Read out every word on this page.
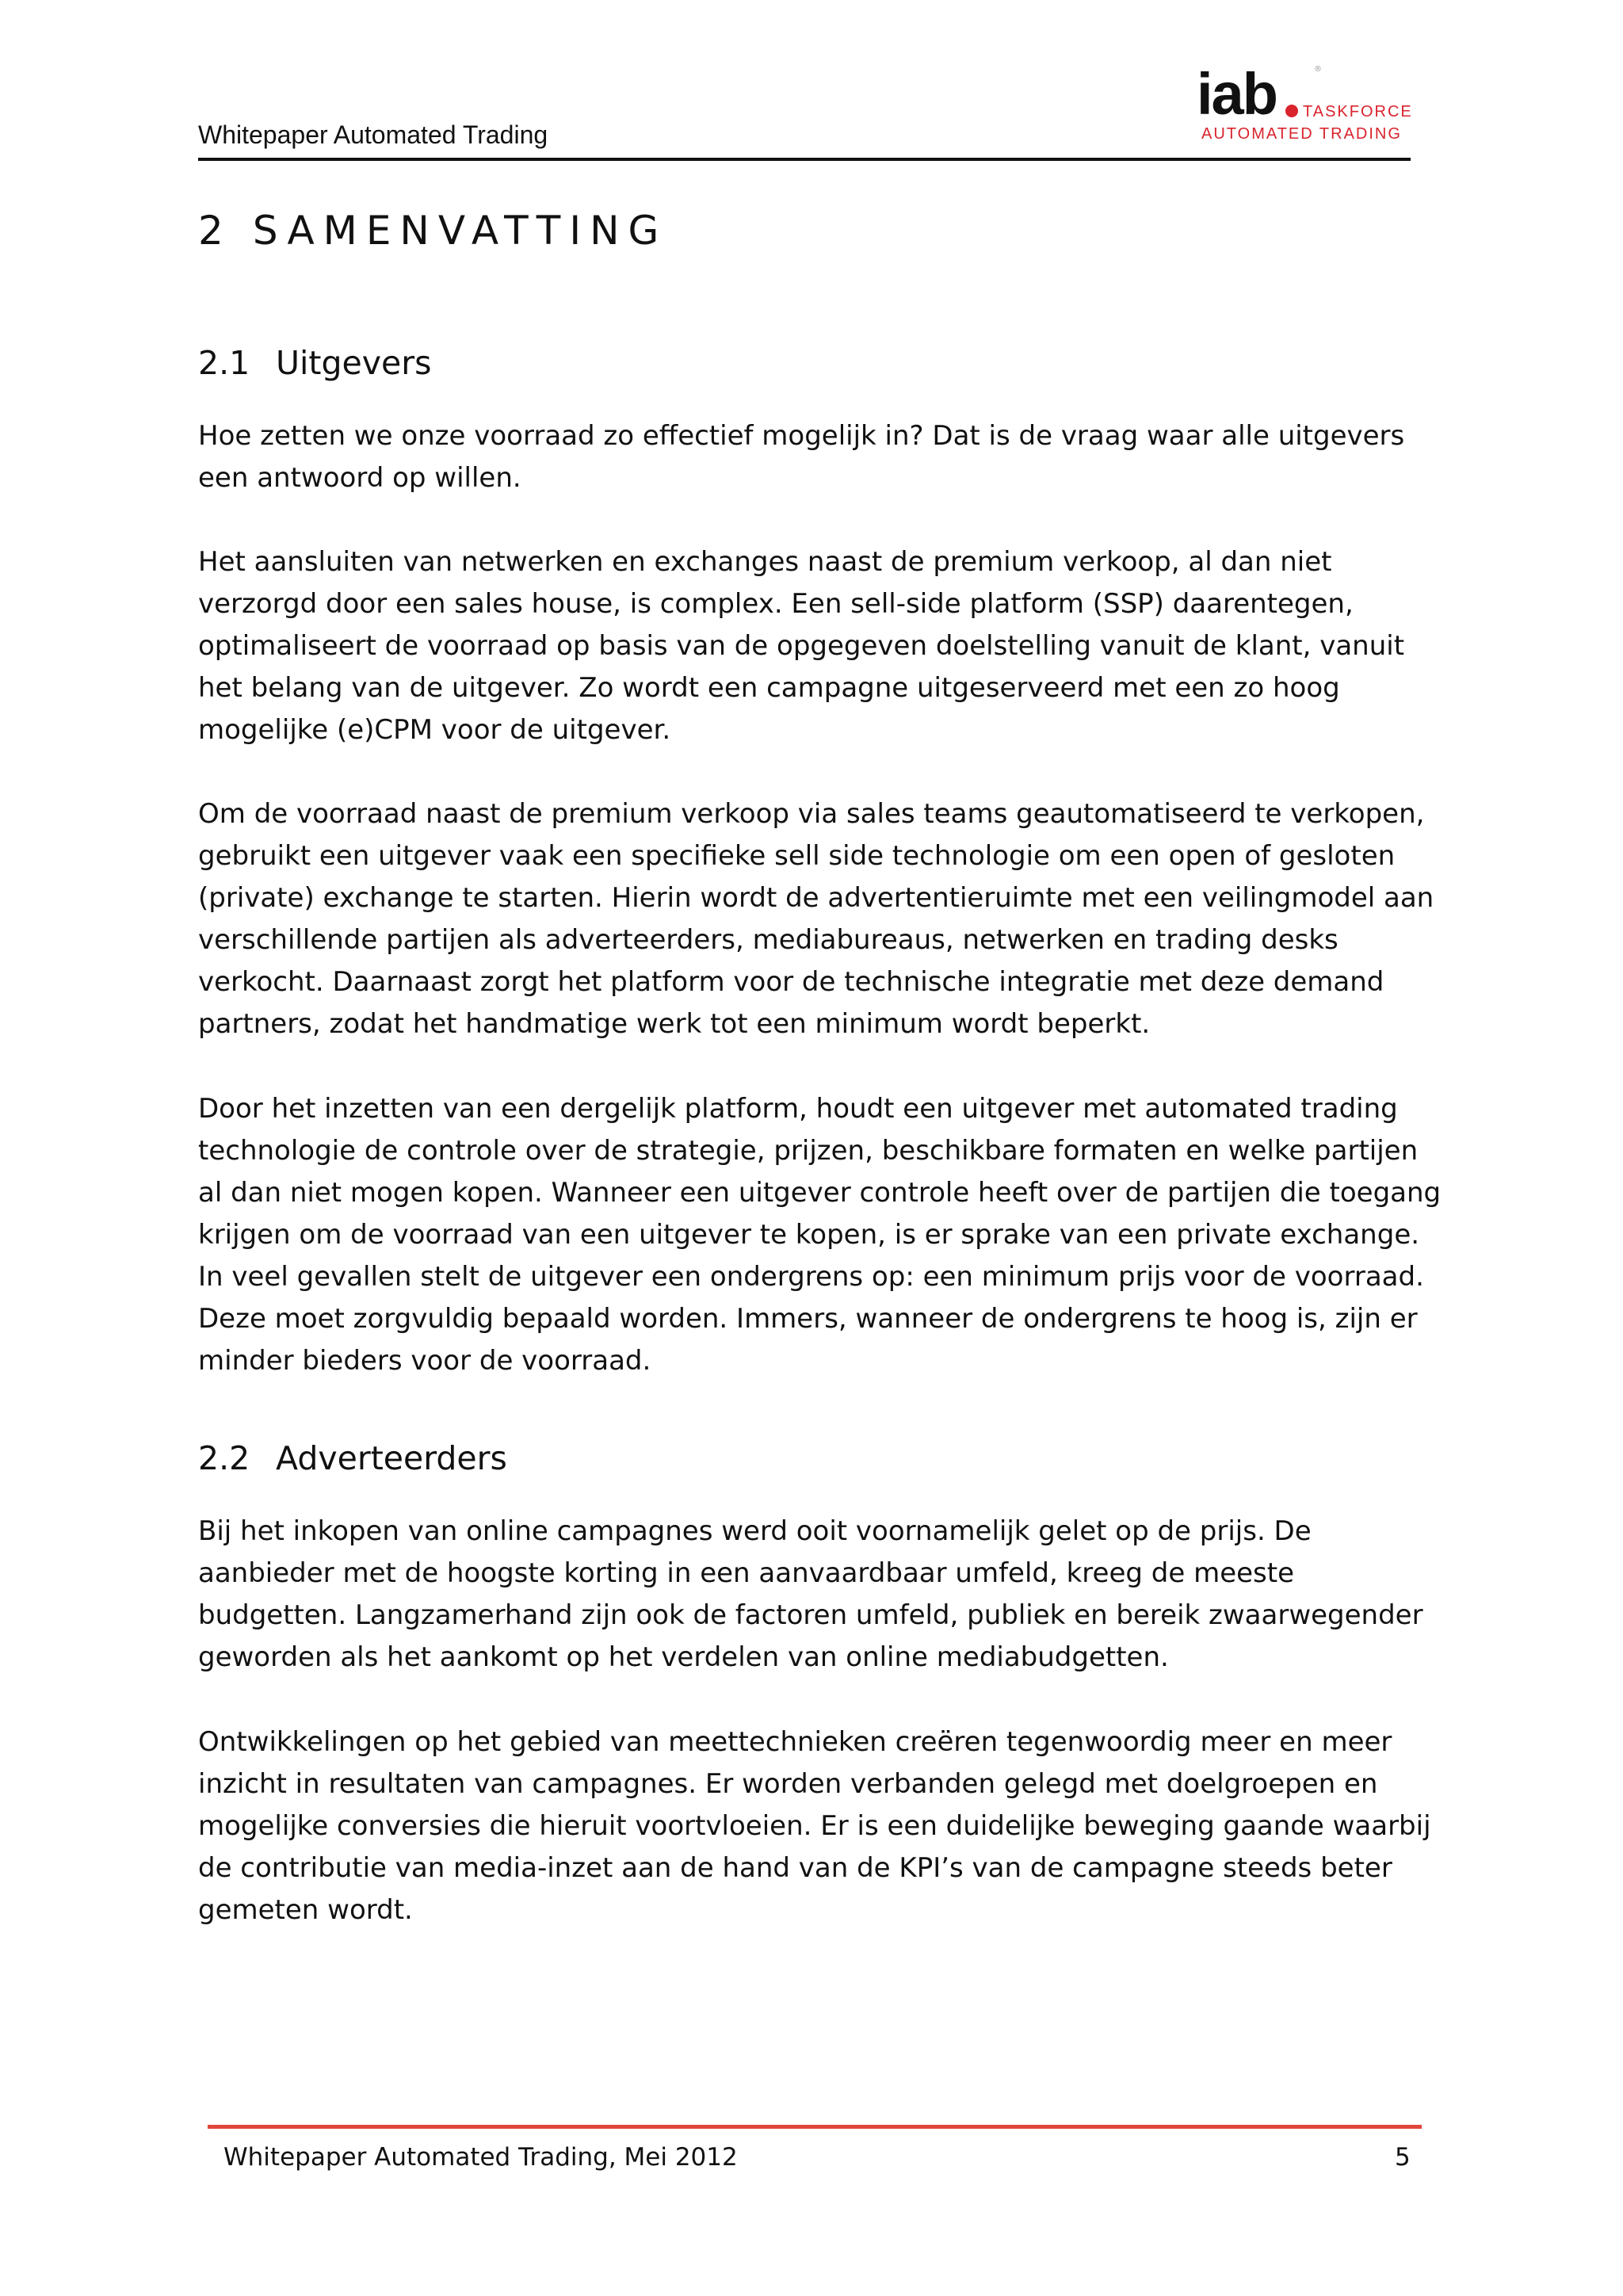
Whitepaper Automated Trading
iab TASKFORCE
AUTOMATED TRADING
®
2 SAMENVATTING
2.1 Uitgevers

Hoe zetten we onze voorraad zo effectief mogelijk in? Dat is de vraag waar alle uitgevers een antwoord op willen.

Het aansluiten van netwerken en exchanges naast de premium verkoop, al dan niet verzorgd door een sales house, is complex. Een sell-side platform (SSP) daarentegen, optimaliseert de voorraad op basis van de opgegeven doelstelling vanuit de klant, vanuit het belang van de uitgever. Zo wordt een campagne uitgeserveerd met een zo hoog mogelijke (e)CPM voor de uitgever.

Om de voorraad naast de premium verkoop via sales teams geautomatiseerd te verkopen, gebruikt een uitgever vaak een specifieke sell side technologie om een open of gesloten (private) exchange te starten. Hierin wordt de advertentieruimte met een veilingmodel aan verschillende partijen als adverteerders, mediabureaus, netwerken en trading desks verkocht. Daarnaast zorgt het platform voor de technische integratie met deze demand partners, zodat het handmatige werk tot een minimum wordt beperkt.

Door het inzetten van een dergelijk platform, houdt een uitgever met automated trading technologie de controle over de strategie, prijzen, beschikbare formaten en welke partijen al dan niet mogen kopen. Wanneer een uitgever controle heeft over de partijen die toegang krijgen om de voorraad van een uitgever te kopen, is er sprake van een private exchange. In veel gevallen stelt de uitgever een ondergrens op: een minimum prijs voor de voorraad. Deze moet zorgvuldig bepaald worden. Immers, wanneer de ondergrens te hoog is, zijn er minder bieders voor de voorraad.

2.2 Adverteerders

Bij het inkopen van online campagnes werd ooit voornamelijk gelet op de prijs. De aanbieder met de hoogste korting in een aanvaardbaar umfeld, kreeg de meeste budgetten. Langzamerhand zijn ook de factoren umfeld, publiek en bereik zwaarwegender geworden als het aankomt op het verdelen van online mediabudgetten.

Ontwikkelingen op het gebied van meettechnieken creëren tegenwoordig meer en meer inzicht in resultaten van campagnes. Er worden verbanden gelegd met doelgroepen en mogelijke conversies die hieruit voortvloeien. Er is een duidelijke beweging gaande waarbij de contributie van media-inzet aan de hand van de KPI’s van de campagne steeds beter gemeten wordt.

Whitepaper Automated Trading, Mei 2012	5
